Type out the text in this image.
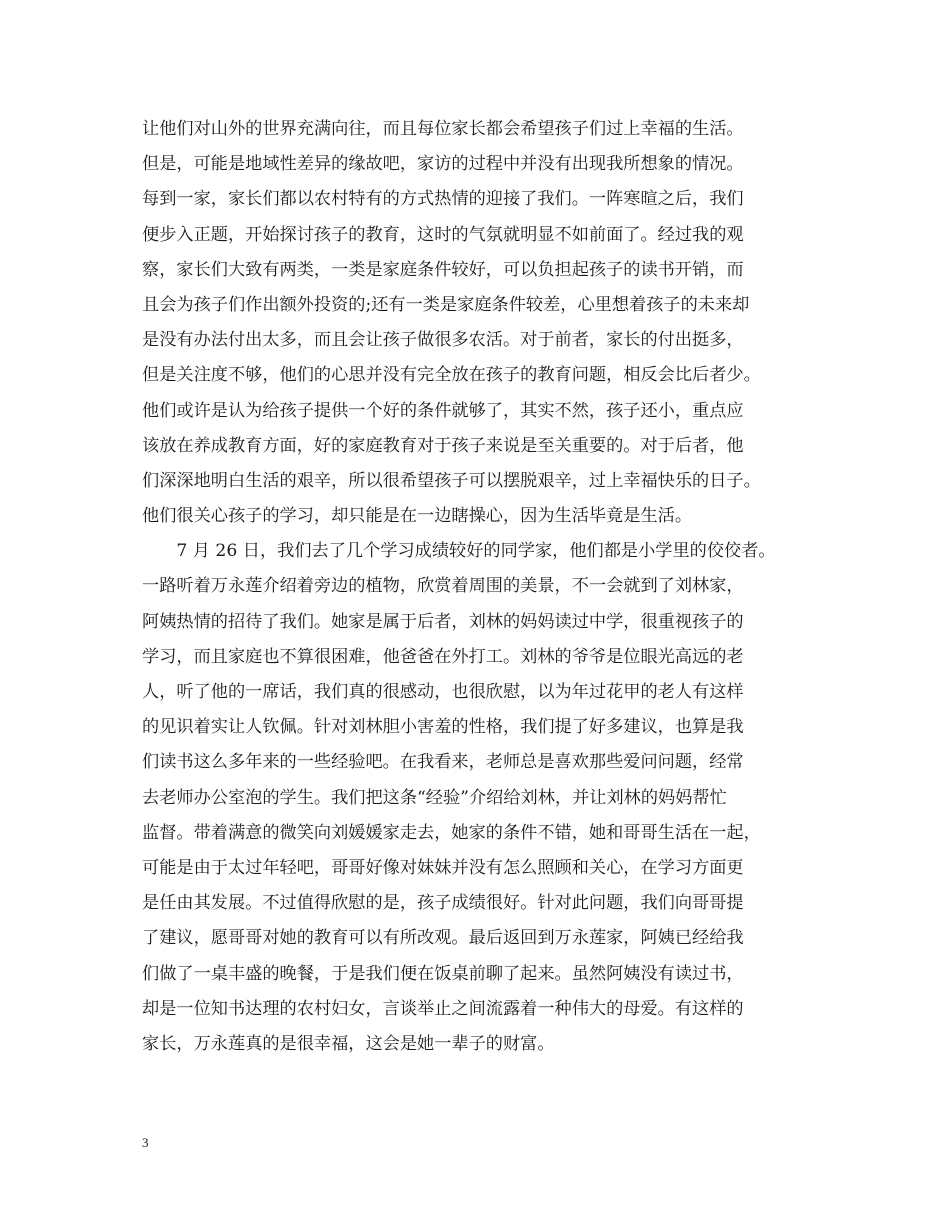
让他们对山外的世界充满向往，而且每位家长都会希望孩子们过上幸福的生活。
但是，可能是地域性差异的缘故吧，家访的过程中并没有出现我所想象的情况。
每到一家，家长们都以农村特有的方式热情的迎接了我们。一阵寒暄之后，我们
便步入正题，开始探讨孩子的教育，这时的气氛就明显不如前面了。经过我的观
察，家长们大致有两类，一类是家庭条件较好，可以负担起孩子的读书开销，而
且会为孩子们作出额外投资的;还有一类是家庭条件较差，心里想着孩子的未来却
是没有办法付出太多，而且会让孩子做很多农活。对于前者，家长的付出挺多，
但是关注度不够，他们的心思并没有完全放在孩子的教育问题，相反会比后者少。
他们或许是认为给孩子提供一个好的条件就够了，其实不然，孩子还小，重点应
该放在养成教育方面，好的家庭教育对于孩子来说是至关重要的。对于后者，他
们深深地明白生活的艰辛，所以很希望孩子可以摆脱艰辛，过上幸福快乐的日子。
他们很关心孩子的学习，却只能是在一边瞎操心，因为生活毕竟是生活。
　　7 月 26 日，我们去了几个学习成绩较好的同学家，他们都是小学里的佼佼者。
一路听着万永莲介绍着旁边的植物，欣赏着周围的美景，不一会就到了刘林家，
阿姨热情的招待了我们。她家是属于后者，刘林的妈妈读过中学，很重视孩子的
学习，而且家庭也不算很困难，他爸爸在外打工。刘林的爷爷是位眼光高远的老
人，听了他的一席话，我们真的很感动，也很欣慰，以为年过花甲的老人有这样
的见识着实让人钦佩。针对刘林胆小害羞的性格，我们提了好多建议，也算是我
们读书这么多年来的一些经验吧。在我看来，老师总是喜欢那些爱问问题，经常
去老师办公室泡的学生。我们把这条“经验”介绍给刘林，并让刘林的妈妈帮忙
监督。带着满意的微笑向刘媛媛家走去，她家的条件不错，她和哥哥生活在一起，
可能是由于太过年轻吧，哥哥好像对妹妹并没有怎么照顾和关心，在学习方面更
是任由其发展。不过值得欣慰的是，孩子成绩很好。针对此问题，我们向哥哥提
了建议，愿哥哥对她的教育可以有所改观。最后返回到万永莲家，阿姨已经给我
们做了一桌丰盛的晚餐，于是我们便在饭桌前聊了起来。虽然阿姨没有读过书，
却是一位知书达理的农村妇女，言谈举止之间流露着一种伟大的母爱。有这样的
家长，万永莲真的是很幸福，这会是她一辈子的财富。
3
